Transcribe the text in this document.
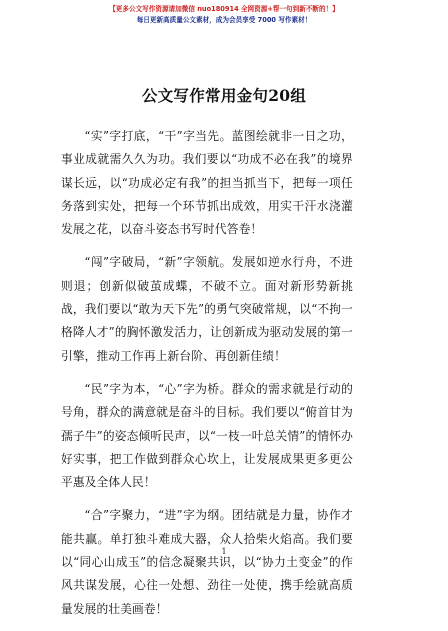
【更多公文写作资源请加微信 nuo180914 全网资源+帮一句到新不断的！】
每日更新高质量公文素材，成为会员享受 7000 写作素材！
公文写作常用金句20组

“实”字打底，“干”字当先。蓝图绘就非一日之功，事业成就需久久为功。我们要以“功成不必在我”的境界谋长远，以“功成必定有我”的担当抓当下，把每一项任务落到实处，把每一个环节抓出成效，用实干汗水浇灌发展之花，以奋斗姿态书写时代答卷！

“闯”字破局，“新”字领航。发展如逆水行舟，不进则退；创新似破茧成蝶，不破不立。面对新形势新挑战，我们要以“敢为天下先”的勇气突破常规，以“不拘一格降人才”的胸怀激发活力，让创新成为驱动发展的第一引擎，推动工作再上新台阶、再创新佳绩！

“民”字为本，“心”字为桥。群众的需求就是行动的号角，群众的满意就是奋斗的目标。我们要以“俯首甘为孺子牛”的姿态倾听民声，以“一枝一叶总关情”的情怀办好实事，把工作做到群众心坎上，让发展成果更多更公平惠及全体人民！

“合”字聚力，“进”字为纲。团结就是力量，协作才能共赢。单打独斗难成大器，众人拾柴火焰高。我们要以“同心山成玉”的信念凝聚共识，以“协力土变金”的作风共谋发展，心往一处想、劲往一处使，携手绘就高质量发展的壮美画卷！

1
